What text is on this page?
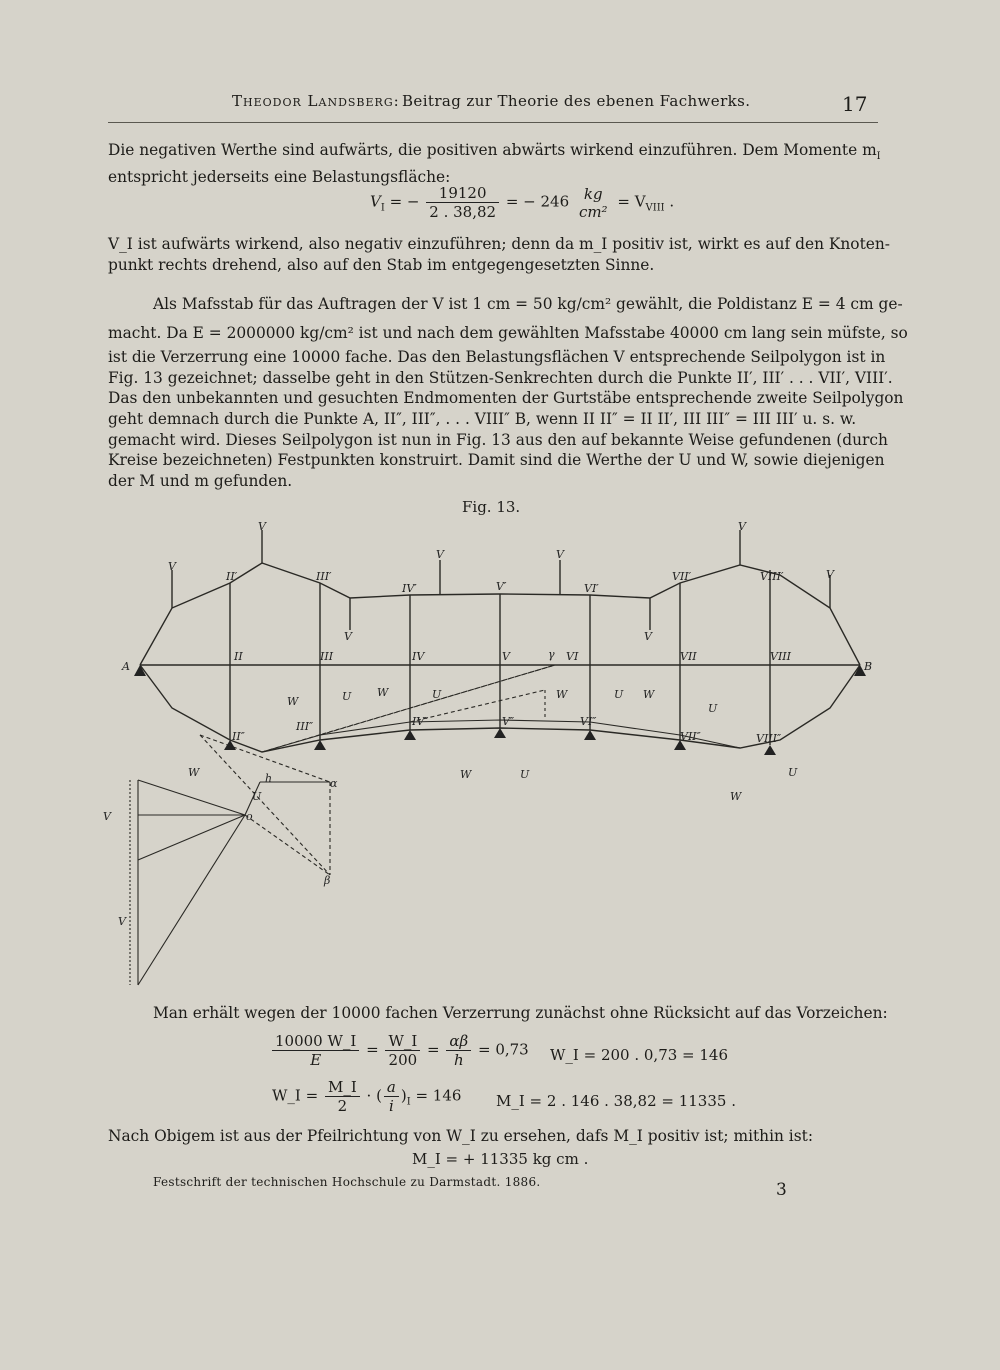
Theodor Landsberg: Beitrag zur Theorie des ebenen Fachwerks.	17
Die negativen Werthe sind aufwärts, die positiven abwärts wirkend einzuführen. Dem Momente $m_I$
entspricht jederseits eine Belastungsfläche:
$V_I$ = − $\frac{19120}{2 . 38,82}$ = − 246 kg
cm²
= $V_{VIII}$ .
V_I ist aufwärts wirkend, also negativ einzuführen; denn da m_I positiv ist, wirkt es auf den Knoten-
punkt rechts drehend, also auf den Stab im entgegengesetzten Sinne.
Als Mafsstab für das Auftragen der V ist 1 cm = 50 kg/cm² gewählt, die Poldistanz E = 4 cm ge-
macht. Da E = 2000000 kg/cm² ist und nach dem gewählten Mafsstabe 40000 cm lang sein müfste, so
ist die Verzerrung eine 10000 fache. Das den Belastungsflächen V entsprechende Seilpolygon ist in
Fig. 13 gezeichnet; dasselbe geht in den Stützen-Senkrechten durch die Punkte II′, III′ . . . VII′, VIII′.
Das den unbekannten und gesuchten Endmomenten der Gurtstäbe entsprechende zweite Seilpolygon
geht demnach durch die Punkte A, II″, III″, . . . VIII″ B, wenn II II″ = II II′, III III″ = III III′ u. s. w.
gemacht wird. Dieses Seilpolygon ist nun in Fig. 13 aus den auf bekannte Weise gefundenen (durch
Kreise bezeichneten) Festpunkten konstruirt. Damit sind die Werthe der U und W, sowie diejenigen
der M und m gefunden.
Fig. 13.
A	B
II	III	IV	V	VI	VII	VIII
II′	III′
IV′	V′	VI′
VII′	VIII′
V
V
V	V
V
V
V	V
W	U W	U	W	U W
U
II″
III″	IV″	V″	VI″
VII″	VIII″
γ
W	h	α
U
W	U
W
U
β
o
V
V
Man erhält wegen der 10000 fachen Verzerrung zunächst ohne Rücksicht auf das Vorzeichen:
$\frac{10000 W\_I}{E} = \frac{W\_I}{200} = \frac{\alpha\beta}{h} = 0,73$ W_I = 200 . 0,73 = 146
W_I = $\frac{M\_I}{2}$ · ( $\frac{a}{i} )_I = 146$ M_I = 2 . 146 . 38,82 = 11335 .
Nach Obigem ist aus der Pfeilrichtung von W_I zu ersehen, dafs M_I positiv ist; mithin ist:
M_I = + 11335 kg cm .
Festschrift der technischen Hochschule zu Darmstadt. 1886.	3
